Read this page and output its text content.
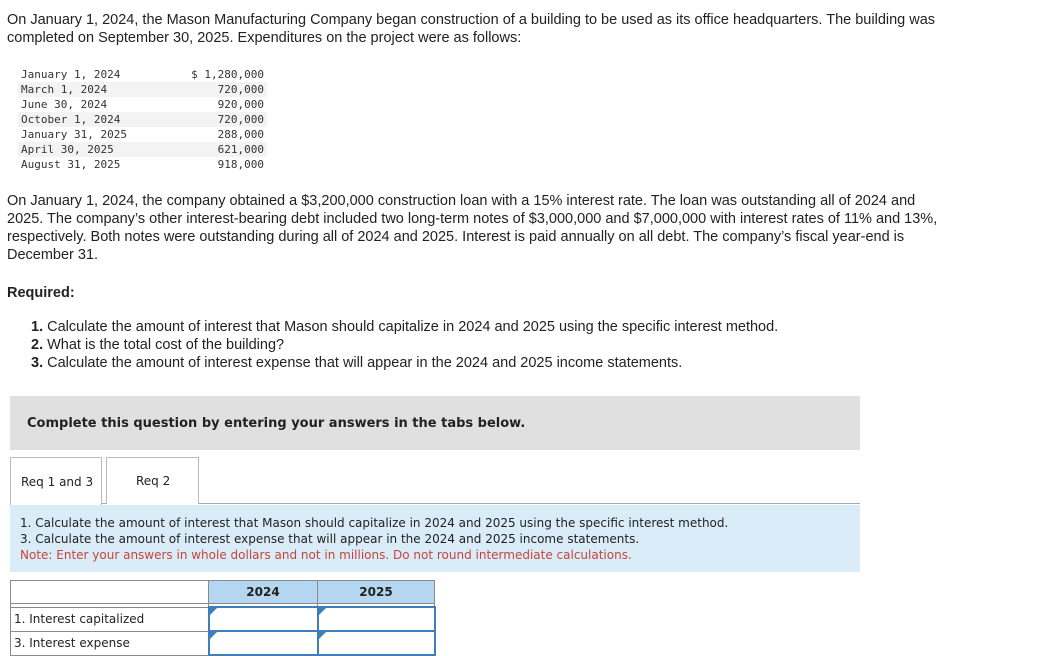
On January 1, 2024, the Mason Manufacturing Company began construction of a building to be used as its office headquarters. The building was completed on September 30, 2025. Expenditures on the project were as follows:

January 1, 2024	$ 1,280,000
March 1, 2024	720,000
June 30, 2024	920,000
October 1, 2024	720,000
January 31, 2025	288,000
April 30, 2025	621,000
August 31, 2025	918,000

On January 1, 2024, the company obtained a $3,200,000 construction loan with a 15% interest rate. The loan was outstanding all of 2024 and 2025. The company’s other interest-bearing debt included two long-term notes of $3,000,000 and $7,000,000 with interest rates of 11% and 13%, respectively. Both notes were outstanding during all of 2024 and 2025. Interest is paid annually on all debt. The company’s fiscal year-end is December 31.

Required:

1. Calculate the amount of interest that Mason should capitalize in 2024 and 2025 using the specific interest method.
2. What is the total cost of the building?
3. Calculate the amount of interest expense that will appear in the 2024 and 2025 income statements.
Complete this question by entering your answers in the tabs below.
Req 1 and 3	Req 2
1. Calculate the amount of interest that Mason should capitalize in 2024 and 2025 using the specific interest method.
3. Calculate the amount of interest expense that will appear in the 2024 and 2025 income statements.
Note: Enter your answers in whole dollars and not in millions. Do not round intermediate calculations.
	2024	2025

1. Interest capitalized		
3. Interest expense		
